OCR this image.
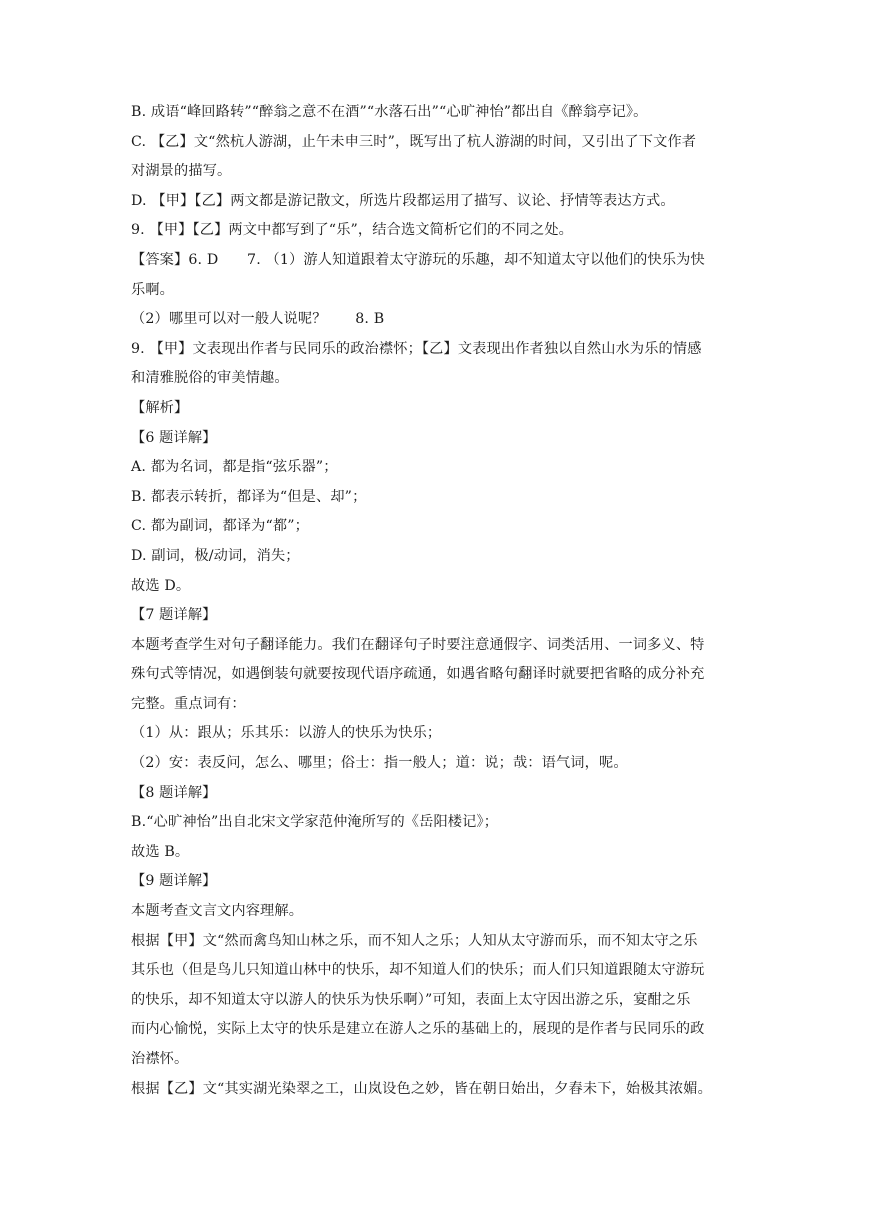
B. 成语“峰回路转”“醉翁之意不在酒”“水落石出”“心旷神怡”都出自《醉翁亭记》。
C. 【乙】文“然杭人游湖，止午未申三时”，既写出了杭人游湖的时间，又引出了下文作者
对湖景的描写。
D. 【甲】【乙】两文都是游记散文，所选片段都运用了描写、议论、抒情等表达方式。
9. 【甲】【乙】两文中都写到了“乐”，结合选文简析它们的不同之处。
【答案】6. D　　7. （1）游人知道跟着太守游玩的乐趣，却不知道太守以他们的快乐为快
乐啊。
（2）哪里可以对一般人说呢？　　8. B
9. 【甲】文表现出作者与民同乐的政治襟怀；【乙】文表现出作者独以自然山水为乐的情感
和清雅脱俗的审美情趣。
【解析】
【6 题详解】
A. 都为名词，都是指“弦乐器”；
B. 都表示转折，都译为“但是、却”；
C. 都为副词，都译为“都”；
D. 副词，极/动词，消失；
故选 D。
【7 题详解】
本题考查学生对句子翻译能力。我们在翻译句子时要注意通假字、词类活用、一词多义、特
殊句式等情况，如遇倒装句就要按现代语序疏通，如遇省略句翻译时就要把省略的成分补充
完整。重点词有：
（1）从：跟从；乐其乐：以游人的快乐为快乐；
（2）安：表反问，怎么、哪里；俗士：指一般人；道：说；哉：语气词，呢。
【8 题详解】
B.“心旷神怡”出自北宋文学家范仲淹所写的《岳阳楼记》；
故选 B。
【9 题详解】
本题考查文言文内容理解。
根据【甲】文“然而禽鸟知山林之乐，而不知人之乐；人知从太守游而乐，而不知太守之乐
其乐也（但是鸟儿只知道山林中的快乐，却不知道人们的快乐；而人们只知道跟随太守游玩
的快乐，却不知道太守以游人的快乐为快乐啊）”可知，表面上太守因出游之乐，宴酣之乐
而内心愉悦，实际上太守的快乐是建立在游人之乐的基础上的，展现的是作者与民同乐的政
治襟怀。
根据【乙】文“其实湖光染翠之工，山岚设色之妙，皆在朝日始出，夕舂未下，始极其浓媚。
